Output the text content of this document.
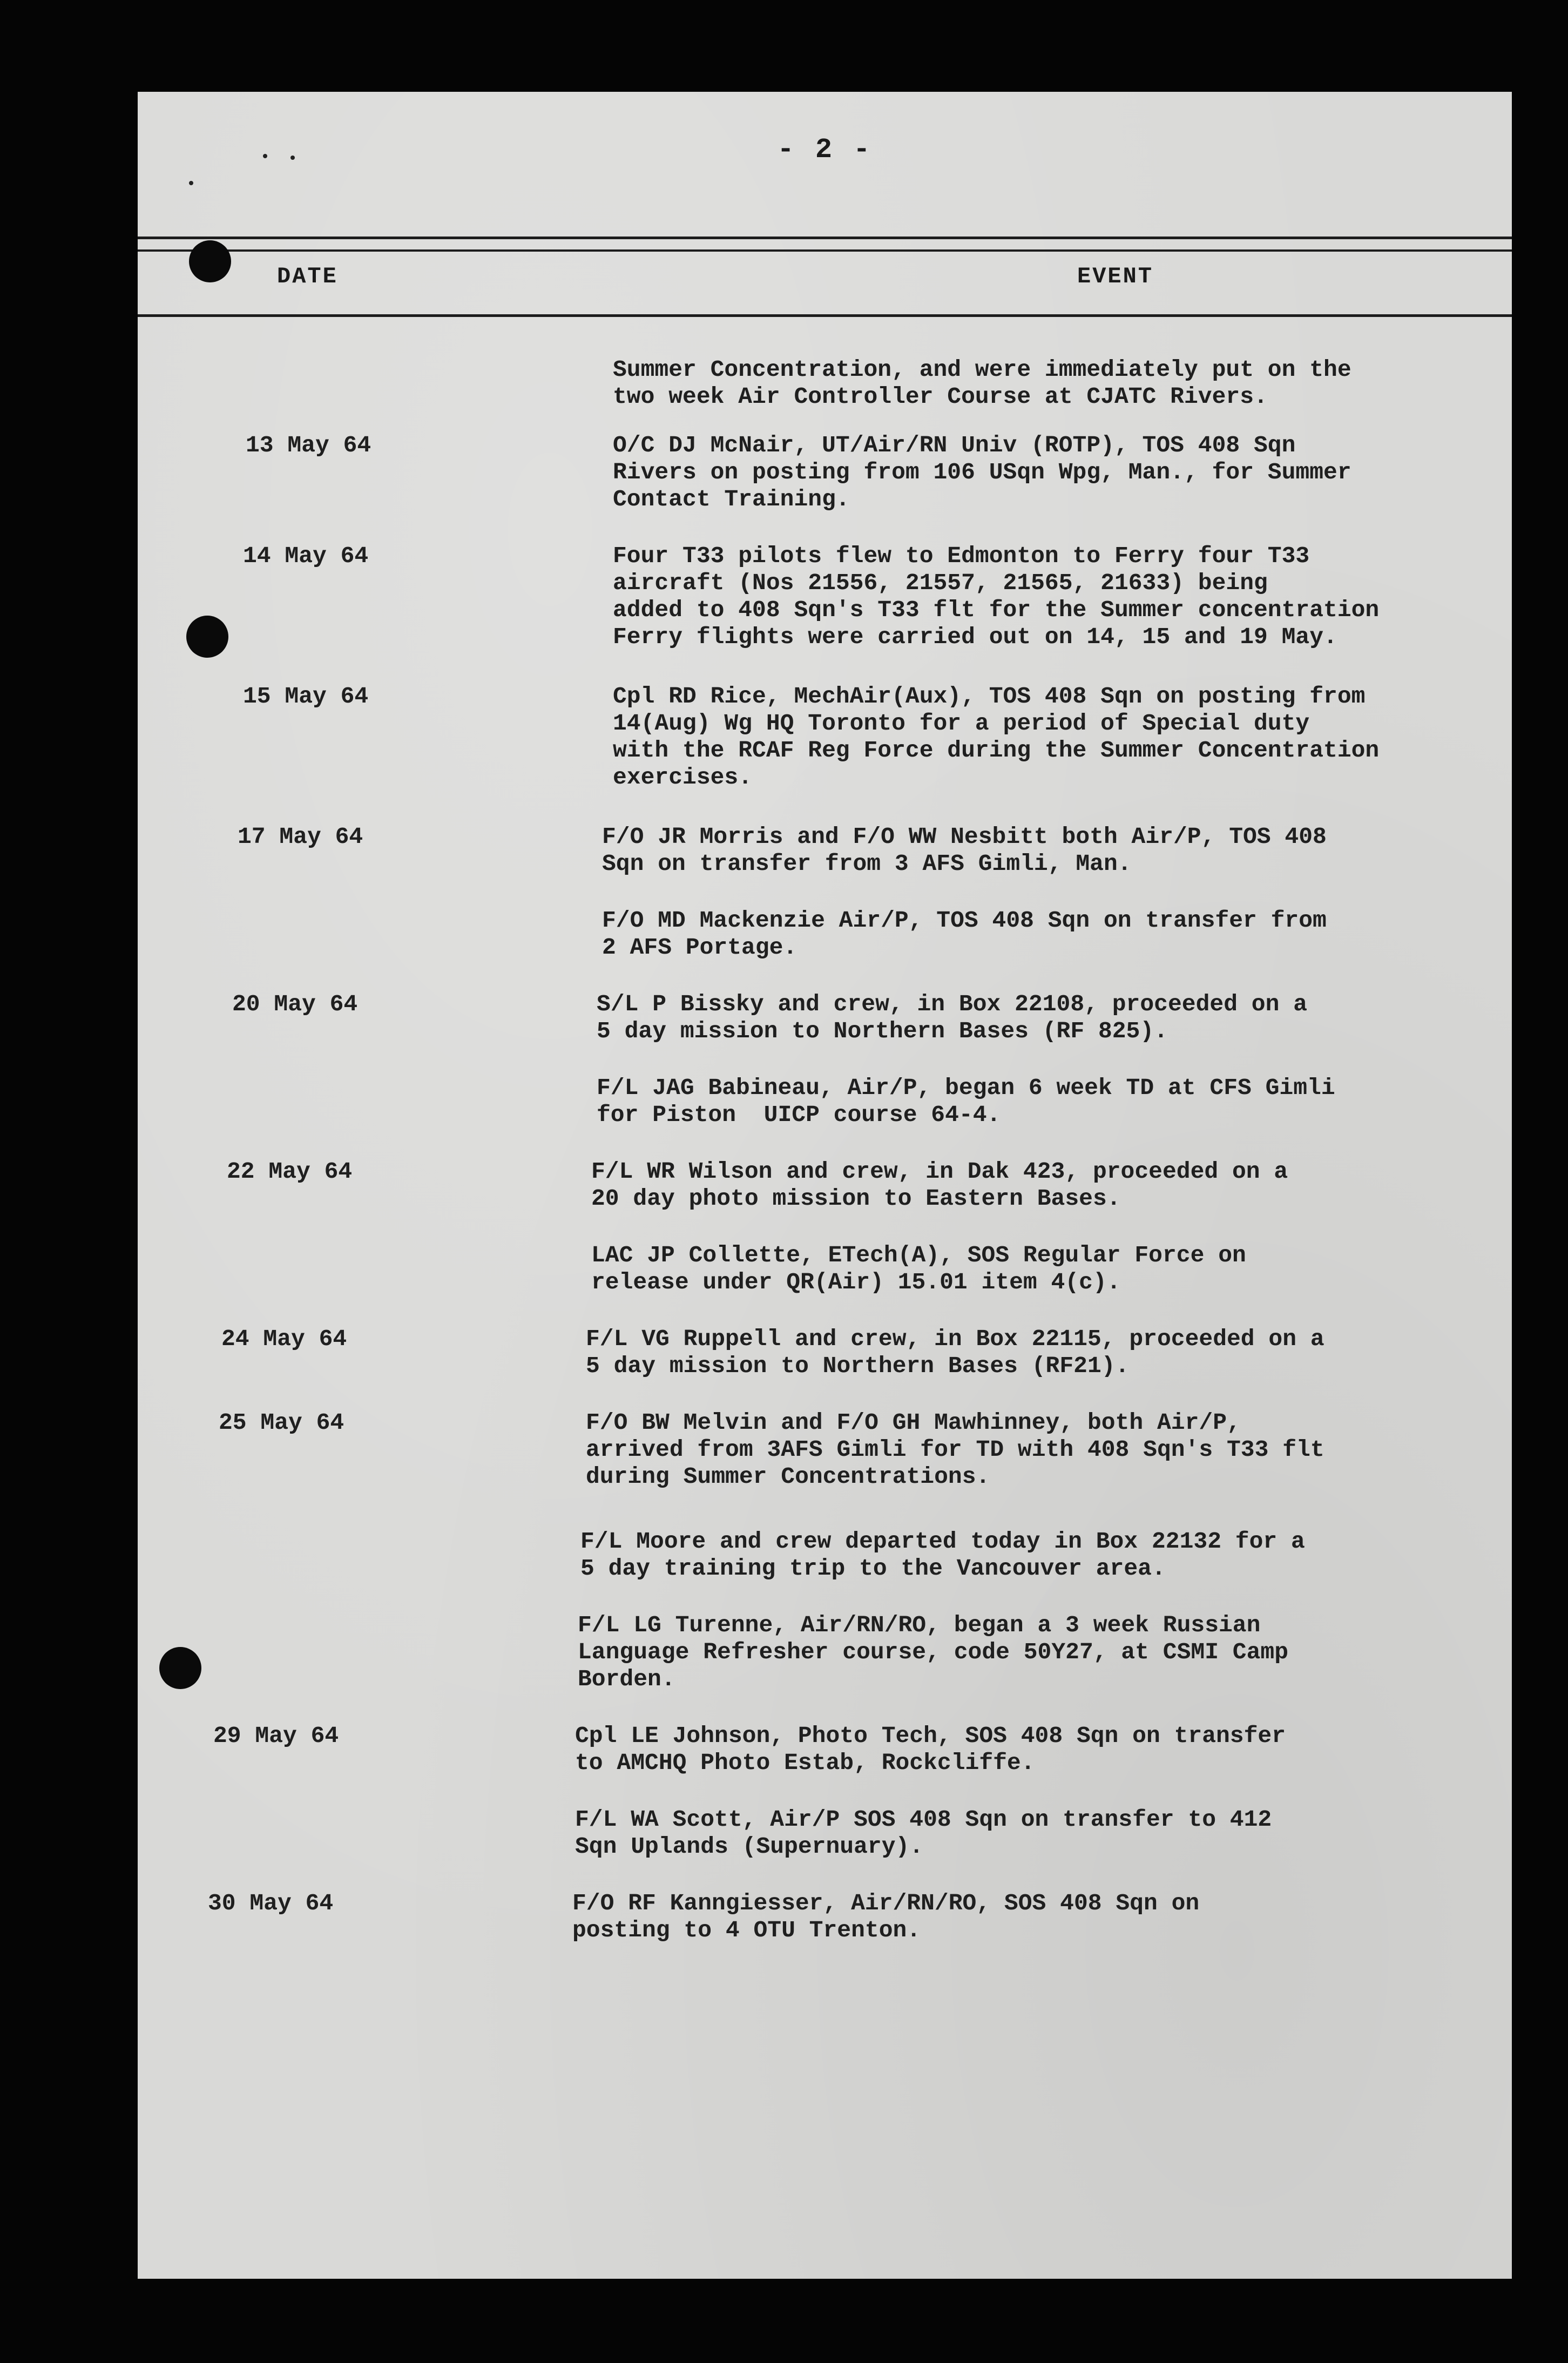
- 2 -
DATE	EVENT
Summer Concentration, and were immediately put on the
two week Air Controller Course at CJATC Rivers.
13 May 64	O/C DJ McNair, UT/Air/RN Univ (ROTP), TOS 408 Sqn
Rivers on posting from 106 USqn Wpg, Man., for Summer
Contact Training.
14 May 64	Four T33 pilots flew to Edmonton to Ferry four T33
aircraft (Nos 21556, 21557, 21565, 21633) being
added to 408 Sqn's T33 flt for the Summer concentration
Ferry flights were carried out on 14, 15 and 19 May.
15 May 64	Cpl RD Rice, MechAir(Aux), TOS 408 Sqn on posting from
14(Aug) Wg HQ Toronto for a period of Special duty
with the RCAF Reg Force during the Summer Concentration
exercises.
17 May 64	F/O JR Morris and F/O WW Nesbitt both Air/P, TOS 408
Sqn on transfer from 3 AFS Gimli, Man.
F/O MD Mackenzie Air/P, TOS 408 Sqn on transfer from
2 AFS Portage.
20 May 64	S/L P Bissky and crew, in Box 22108, proceeded on a
5 day mission to Northern Bases (RF 825).
F/L JAG Babineau, Air/P, began 6 week TD at CFS Gimli
for Piston  UICP course 64-4.
22 May 64	F/L WR Wilson and crew, in Dak 423, proceeded on a
20 day photo mission to Eastern Bases.
LAC JP Collette, ETech(A), SOS Regular Force on
release under QR(Air) 15.01 item 4(c).
24 May 64	F/L VG Ruppell and crew, in Box 22115, proceeded on a
5 day mission to Northern Bases (RF21).
25 May 64	F/O BW Melvin and F/O GH Mawhinney, both Air/P,
arrived from 3AFS Gimli for TD with 408 Sqn's T33 flt
during Summer Concentrations.
F/L Moore and crew departed today in Box 22132 for a
5 day training trip to the Vancouver area.
F/L LG Turenne, Air/RN/RO, began a 3 week Russian
Language Refresher course, code 50Y27, at CSMI Camp
Borden.
29 May 64	Cpl LE Johnson, Photo Tech, SOS 408 Sqn on transfer
to AMCHQ Photo Estab, Rockcliffe.
F/L WA Scott, Air/P SOS 408 Sqn on transfer to 412
Sqn Uplands (Supernuary).
30 May 64	F/O RF Kanngiesser, Air/RN/RO, SOS 408 Sqn on
posting to 4 OTU Trenton.
